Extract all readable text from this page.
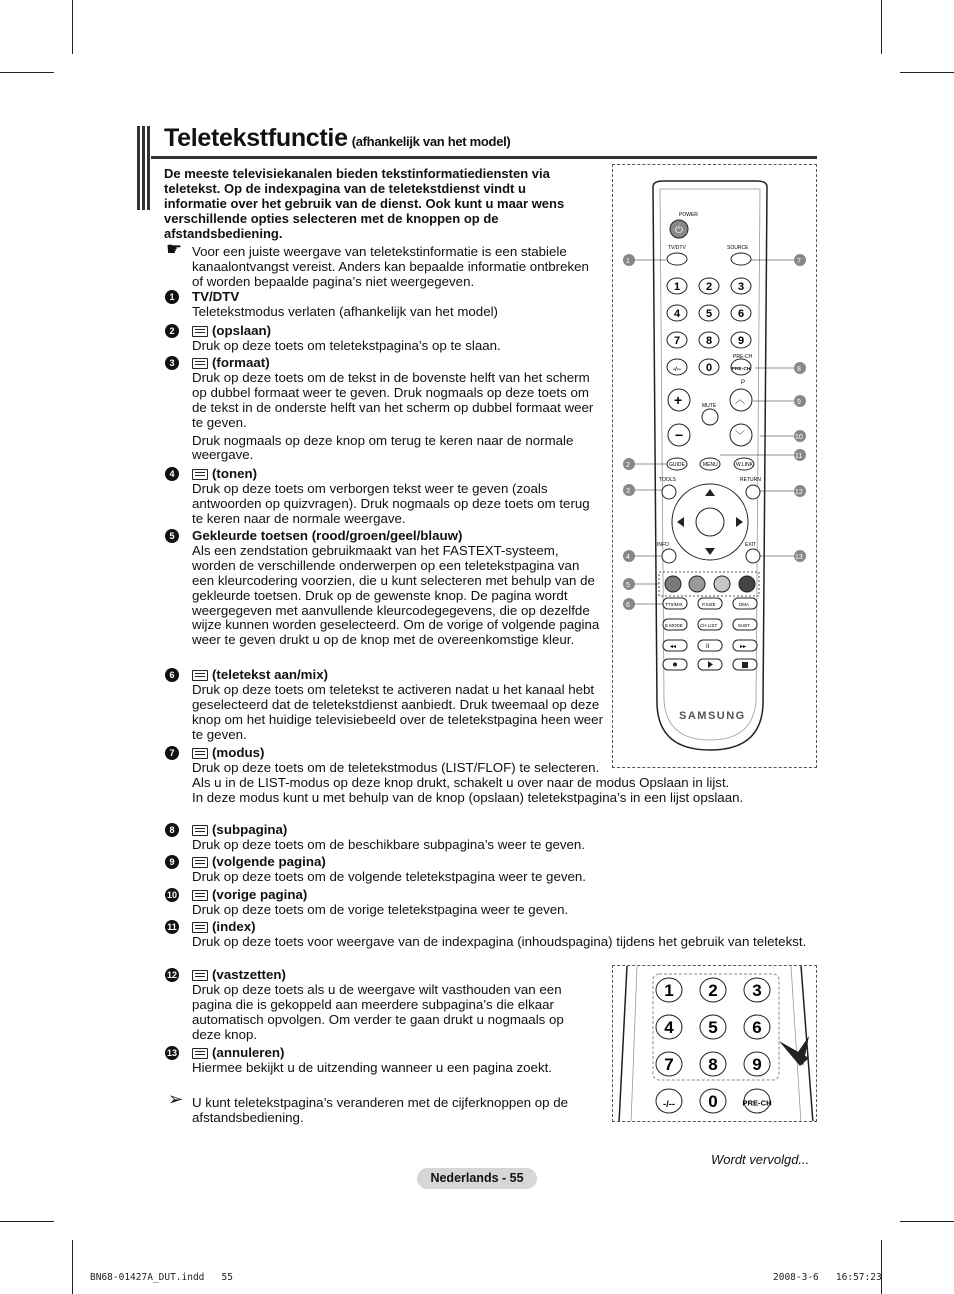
Teletekstfunctie (afhankelijk van het model)
De meeste televisiekanalen bieden tekstinformatiediensten via teletekst. Op de indexpagina van de teletekstdienst vindt u informatie over het gebruik van de dienst. Ook kunt u maar wens verschillende opties selecteren met de knoppen op de afstandsbediening.
☛ Voor een juiste weergave van teletekstinformatie is een stabiele kanaalontvangst vereist. Anders kan bepaalde informatie ontbreken of worden bepaalde pagina’s niet weergegeven.
1	TV/DTV

Teletekstmodus verlaten (afhankelijk van het model)

2	(opslaan)

Druk op deze toets om teletekstpagina’s op te slaan.

3	(formaat)

Druk op deze toets om de tekst in de bovenste helft van het scherm op dubbel formaat weer te geven. Druk nogmaals op deze toets om de tekst in de onderste helft van het scherm op dubbel formaat weer te geven.

Druk nogmaals op deze knop om terug te keren naar de normale weergave.

4	(tonen)

Druk op deze toets om verborgen tekst weer te geven (zoals antwoorden op quizvragen). Druk nogmaals op deze toets om terug te keren naar de normale weergave.

5	Gekleurde toetsen (rood/groen/geel/blauw)

Als een zendstation gebruikmaakt van het FASTEXT-systeem, worden de verschillende onderwerpen op een teletekstpagina van een kleurcodering voorzien, die u kunt selecteren met behulp van de gekleurde toetsen. Druk op de gewenste knop. De pagina wordt weergegeven met aanvullende kleurcodegegevens, die op dezelfde wijze kunnen worden geselecteerd. Om de vorige of volgende pagina weer te geven drukt u op de knop met de overeenkomstige kleur.

6	(teletekst aan/mix)

Druk op deze toets om teletekst te activeren nadat u het kanaal hebt geselecteerd dat de teletekstdienst aanbiedt. Druk tweemaal op deze knop om het huidige televisiebeeld over de teletekstpagina heen weer te geven.

7	(modus)

Druk op deze toets om de teletekstmodus (LIST/FLOF) te selecteren.

Als u in de LIST-modus op deze knop drukt, schakelt u over naar de modus Opslaan in lijst.

In deze modus kunt u met behulp van de knop (opslaan) teletekstpagina’s in een lijst opslaan.

8	(subpagina)

Druk op deze toets om de beschikbare subpagina’s weer te geven.

9	(volgende pagina)

Druk op deze toets om de volgende teletekstpagina weer te geven.

10	(vorige pagina)

Druk op deze toets om de vorige teletekstpagina weer te geven.

11	(index)

Druk op deze toets voor weergave van de indexpagina (inhoudspagina) tijdens het gebruik van teletekst.

12	(vastzetten)

Druk op deze toets als u de weergave wilt vasthouden van een pagina die is gekoppeld aan meerdere subpagina’s die elkaar automatisch opvolgen. Om verder te gaan drukt u nogmaals op deze knop.

13	(annuleren)

Hiermee bekijkt u de uitzending wanneer u een pagina zoekt.

➢ U kunt teletekstpagina’s veranderen met de cijferknoppen op de afstandsbediening.
POWER
⏻
TV/DTV	SOURCE
1	7
1 2 3
4 5 6
7 8 9
-/-- 0	PRE-CH
PRE-CH
P
8
+
−
MUTE ︿
﹀
9
10
GUIDE	MENU	W.LINK
2
11
TOOLS	RETURN
3	12
INFO	EXIT
4	13
5
TTX/MIX	P.SIZE	DMA
6
E.MODE	CH LIST	SUBT.
◂◂	II	▸▸
SAMSUNG
1 2 3
4 5 6
7 8 9
-/-- 0	PRE-CH
Wordt vervolgd...
Nederlands - 55
BN68-01427A_DUT.indd   55	2008-3-6   16:57:23
